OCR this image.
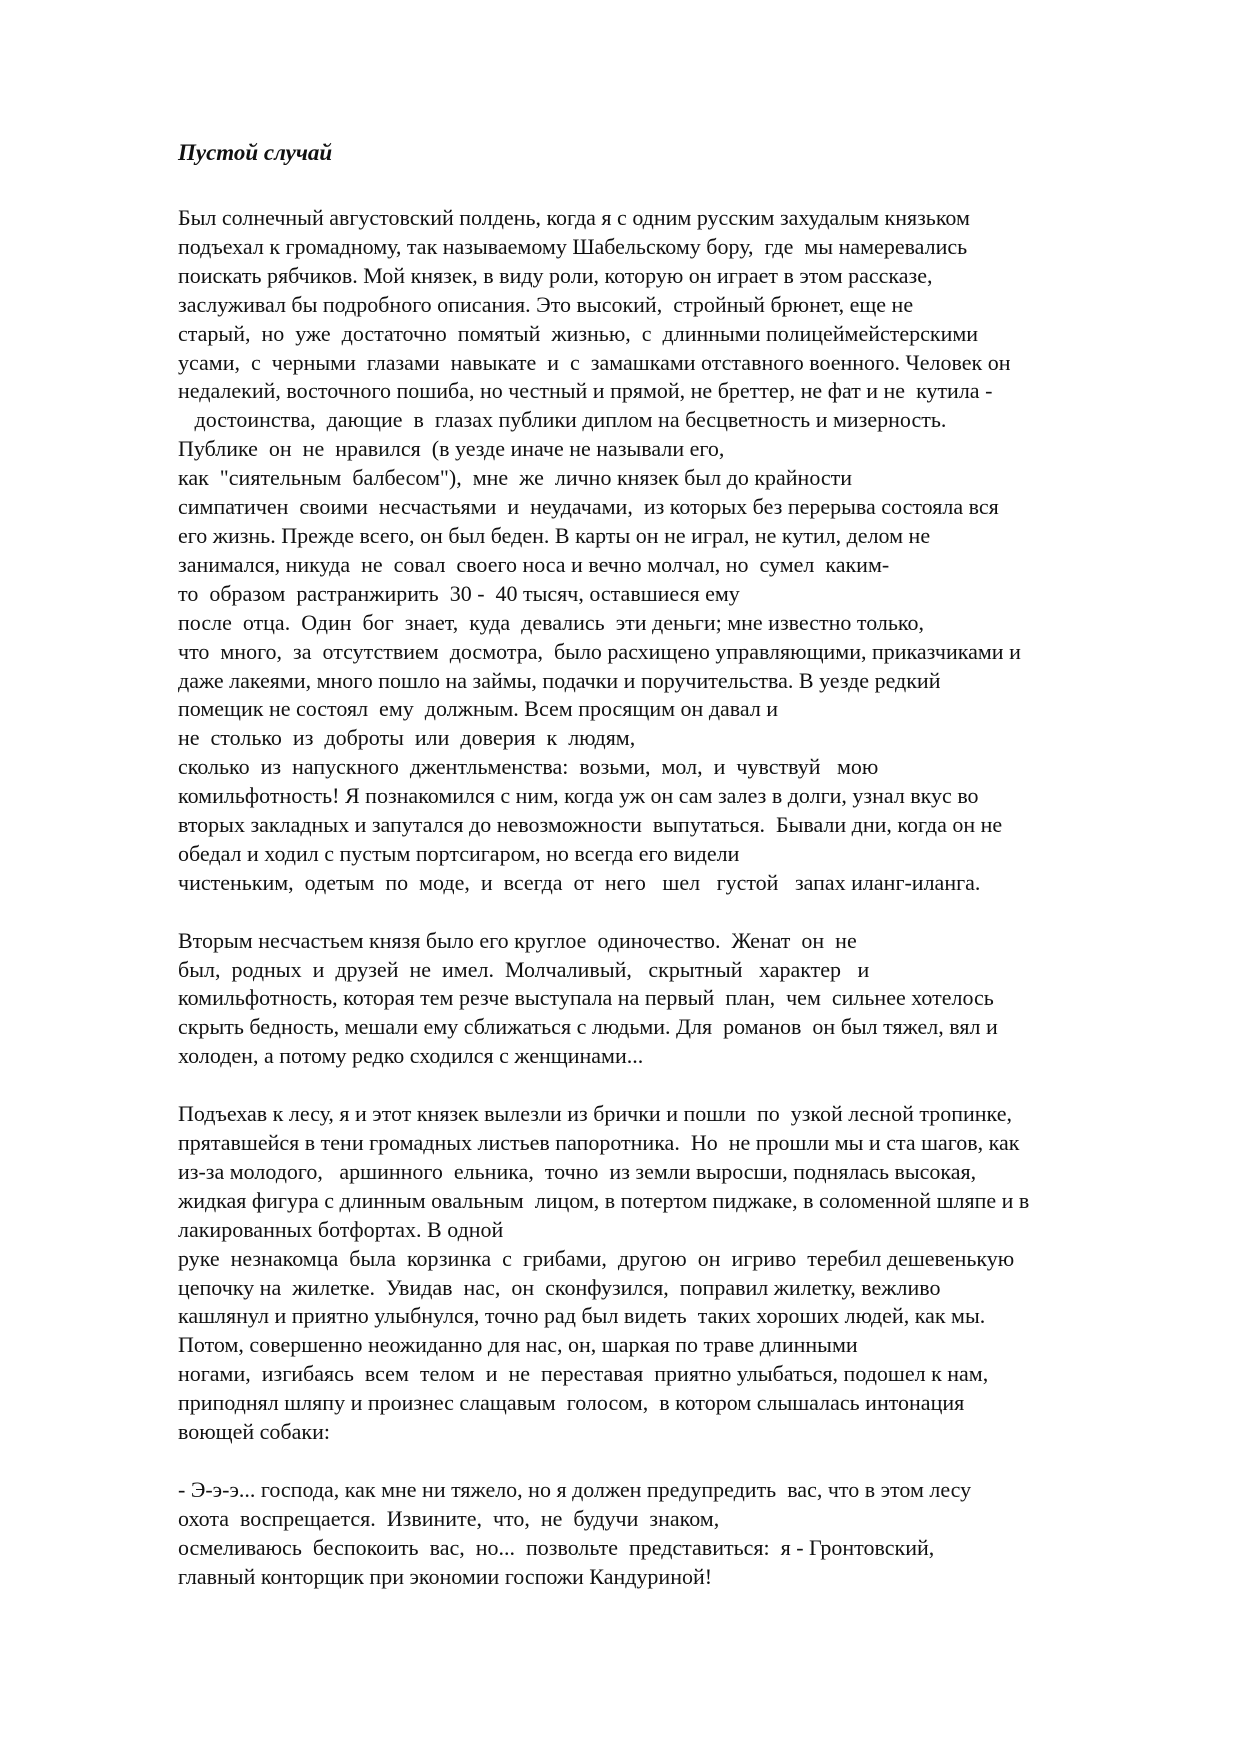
Пустой случай
Был солнечный августовский полдень, когда я с одним русским захудалым князьком
подъехал к громадному, так называемому Шабельскому бору,  где  мы намеревались
поискать рябчиков. Мой князек, в виду роли, которую он играет в этом рассказе,
заслуживал бы подробного описания. Это высокий,  стройный брюнет, еще не
старый,  но  уже  достаточно  помятый  жизнью,  с  длинными полицеймейстерскими
усами,  с  черными  глазами  навыкате  и  с  замашками отставного военного. Человек он
недалекий, восточного пошиба, но честный и прямой, не бреттер, не фат и не  кутила -
достоинства,  дающие  в  глазах публики диплом на бесцветность и мизерность.
Публике  он  не  нравился  (в уезде иначе не называли его,
как  "сиятельным  балбесом"),  мне  же  лично князек был до крайности
симпатичен  своими  несчастьями  и  неудачами,  из которых без перерыва состояла вся
его жизнь. Прежде всего, он был беден. В карты он не играл, не кутил, делом не
занимался, никуда  не  совал  своего носа и вечно молчал, но  сумел  каким-
то  образом  растранжирить  30 -  40 тысяч, оставшиеся ему
после  отца.  Один  бог  знает,  куда  девались  эти деньги; мне известно только,
что  много,  за  отсутствием  досмотра,  было расхищено управляющими, приказчиками и
даже лакеями, много пошло на займы, подачки и поручительства. В уезде редкий
помещик не состоял  ему  должным. Всем просящим он давал и
не  столько  из  доброты  или  доверия  к  людям,
сколько  из  напускного  джентльменства:  возьми,  мол,  и  чувствуй   мою
комильфотность! Я познакомился с ним, когда уж он сам залез в долги, узнал вкус во
вторых закладных и запутался до невозможности  выпутаться.  Бывали дни, когда он не
обедал и ходил с пустым портсигаром, но всегда его видели
чистеньким,  одетым  по  моде,  и  всегда  от  него   шел   густой   запах иланг-иланга.
Вторым несчастьем князя было его круглое  одиночество.  Женат  он  не
был,  родных  и  друзей  не  имел.  Молчаливый,   скрытный   характер   и
комильфотность, которая тем резче выступала на первый  план,  чем  сильнее хотелось
скрыть бедность, мешали ему сближаться с людьми. Для  романов  он был тяжел, вял и
холоден, а потому редко сходился с женщинами...
Подъехав к лесу, я и этот князек вылезли из брички и пошли  по  узкой лесной тропинке,
прятавшейся в тени громадных листьев папоротника.  Но  не прошли мы и ста шагов, как
из-за молодого,   аршинного  ельника,  точно  из земли выросши, поднялась высокая,
жидкая фигура с длинным овальным  лицом, в потертом пиджаке, в соломенной шляпе и в
лакированных ботфортах. В одной
руке  незнакомца  была  корзинка  с  грибами,  другою  он  игриво  теребил дешевенькую
цепочку на  жилетке.  Увидав  нас,  он  сконфузился,  поправил жилетку, вежливо
кашлянул и приятно улыбнулся, точно рад был видеть  таких хороших людей, как мы.
Потом, совершенно неожиданно для нас, он, шаркая по траве длинными
ногами,  изгибаясь  всем  телом  и  не  переставая  приятно улыбаться, подошел к нам,
приподнял шляпу и произнес слащавым  голосом,  в котором слышалась интонация
воющей собаки:
- Э-э-э... господа, как мне ни тяжело, но я должен предупредить  вас, что в этом лесу
охота  воспрещается.  Извините,  что,  не  будучи  знаком,
осмеливаюсь  беспокоить  вас,  но...  позвольте  представиться:  я - Гронтовский,
главный конторщик при экономии госпожи Кандуриной!
